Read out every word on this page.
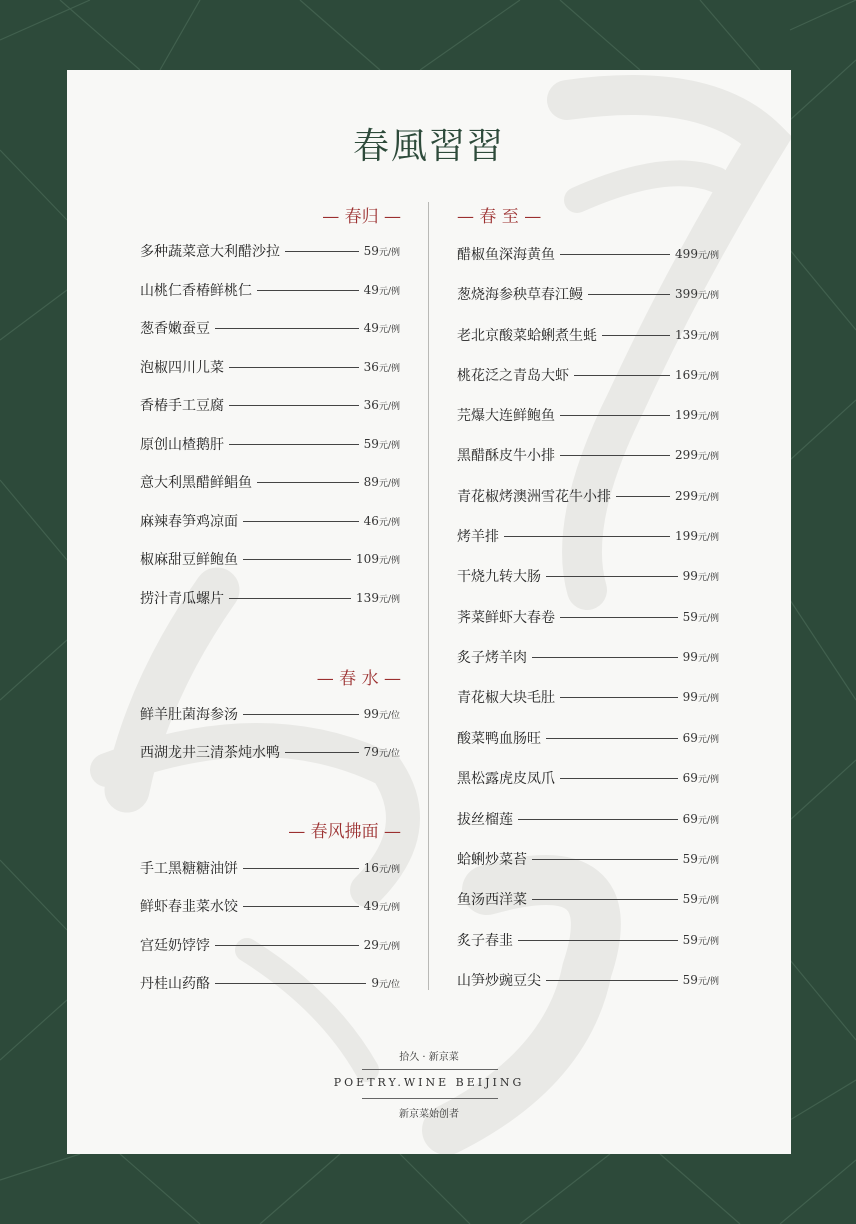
春風習習
— 春归 —
多种蔬菜意大利醋沙拉	59元/例
山桃仁香椿鲜桃仁	49元/例
葱香嫩蚕豆	49元/例
泡椒四川儿菜	36元/例
香椿手工豆腐	36元/例
原创山楂鹅肝	59元/例
意大利黑醋鲜鲳鱼	89元/例
麻辣春笋鸡凉面	46元/例
椒麻甜豆鲜鲍鱼	109元/例
捞汁青瓜螺片	139元/例
— 春 水 —
鲜羊肚菌海参汤	99元/位
西湖龙井三清茶炖水鸭	79元/位
— 春风拂面 —
手工黑糖糖油饼	16元/例
鲜虾春韭菜水饺	49元/例
宫廷奶饽饽	29元/例
丹桂山药酪	9元/位
— 春 至 —
醋椒鱼深海黄鱼	499元/例
葱烧海参秧草春江鳗	399元/例
老北京酸菜蛤蜊煮生蚝	139元/例
桃花泛之青岛大虾	169元/例
芫爆大连鲜鲍鱼	199元/例
黑醋酥皮牛小排	299元/例
青花椒烤澳洲雪花牛小排	299元/例
烤羊排	199元/例
干烧九转大肠	99元/例
荠菜鲜虾大春卷	59元/例
炙子烤羊肉	99元/例
青花椒大块毛肚	99元/例
酸菜鸭血肠旺	69元/例
黑松露虎皮凤爪	69元/例
拔丝榴莲	69元/例
蛤蜊炒菜苔	59元/例
鱼汤西洋菜	59元/例
炙子春韭	59元/例
山笋炒豌豆尖	59元/例
拾久 · 新京菜
POETRY.WINE BEIJING
新京菜始创者
